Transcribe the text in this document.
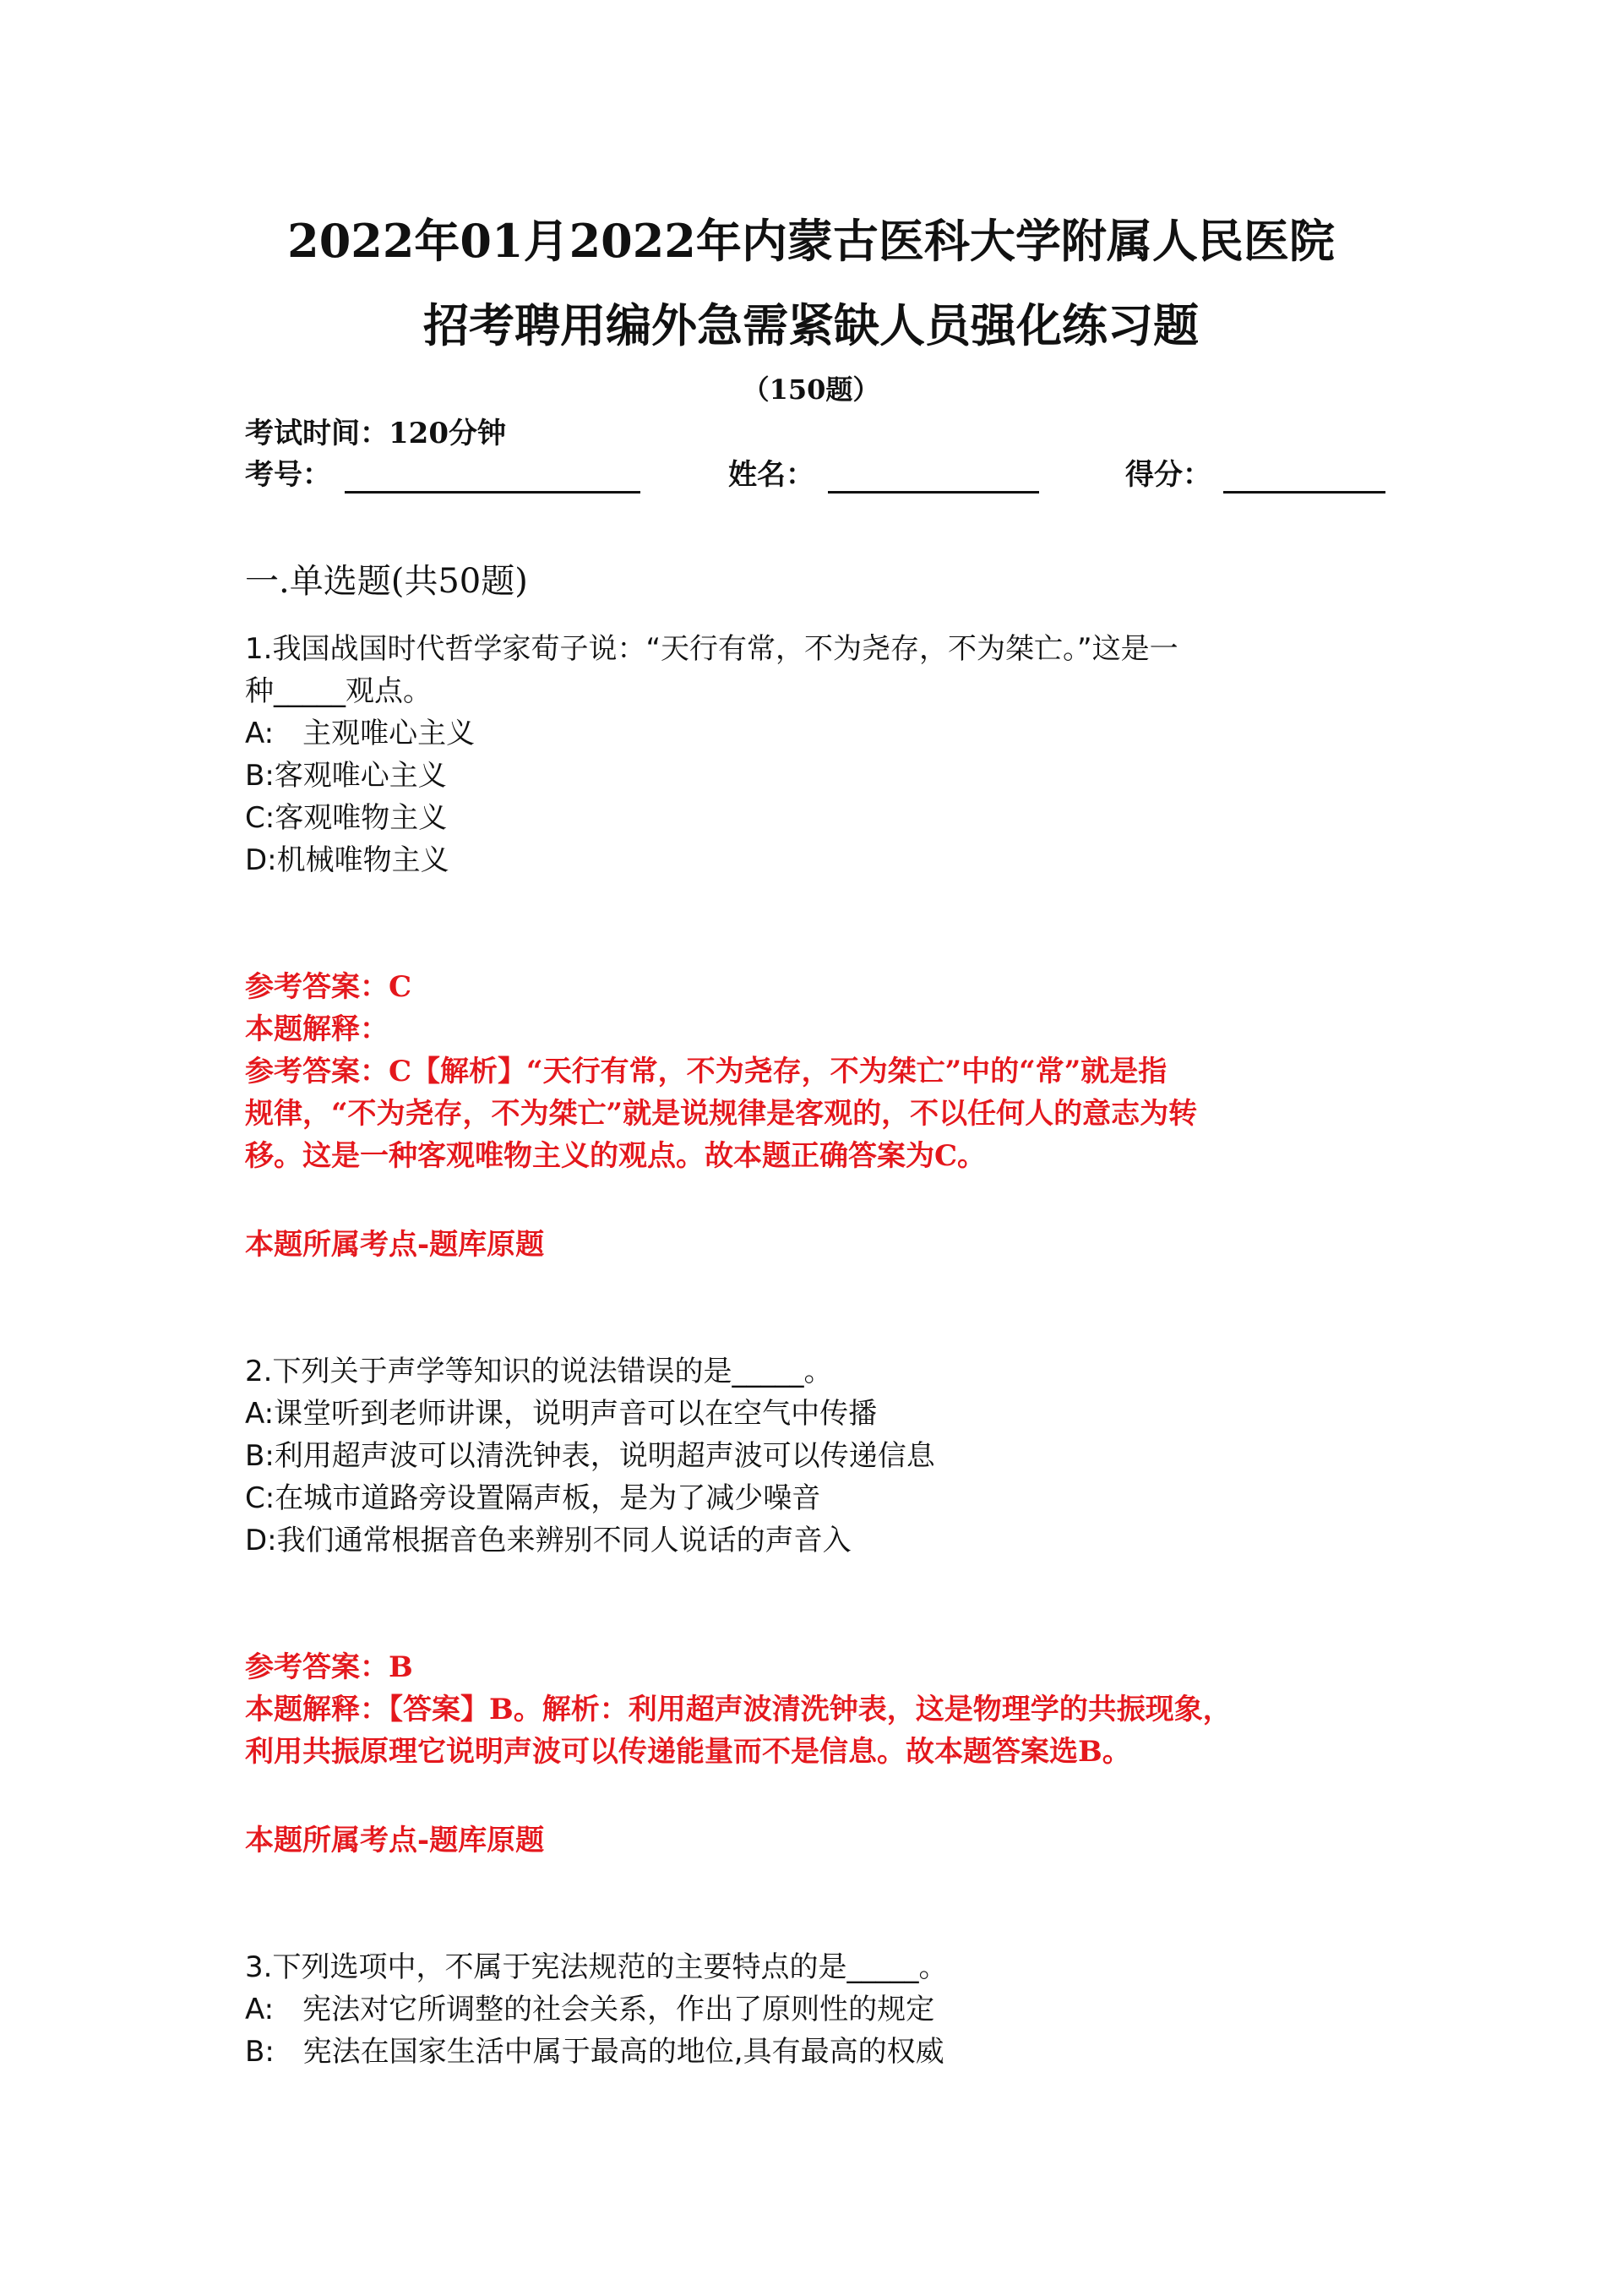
2022年01月2022年内蒙古医科大学附属人民医院
招考聘用编外急需紧缺人员强化练习题
（150题）
考试时间：120分钟
考号：	姓名：	得分：
一.单选题(共50题)
1.我国战国时代哲学家荀子说：“天行有常，不为尧存，不为桀亡。”这是一
种_____观点。
A:　主观唯心主义
B:客观唯心主义
C:客观唯物主义
D:机械唯物主义
参考答案：C
本题解释：
参考答案：C【解析】“天行有常，不为尧存，不为桀亡”中的“常”就是指
规律，“不为尧存，不为桀亡”就是说规律是客观的，不以任何人的意志为转
移。这是一种客观唯物主义的观点。故本题正确答案为C。
本题所属考点-题库原题
2.下列关于声学等知识的说法错误的是_____。
A:课堂听到老师讲课，说明声音可以在空气中传播
B:利用超声波可以清洗钟表，说明超声波可以传递信息
C:在城市道路旁设置隔声板，是为了减少噪音
D:我们通常根据音色来辨别不同人说话的声音入
参考答案：B
本题解释：【答案】B。解析：利用超声波清洗钟表，这是物理学的共振现象，
利用共振原理它说明声波可以传递能量而不是信息。故本题答案选B。
本题所属考点-题库原题
3.下列选项中，不属于宪法规范的主要特点的是_____。
A:　宪法对它所调整的社会关系，作出了原则性的规定
B:　宪法在国家生活中属于最高的地位,具有最高的权威
